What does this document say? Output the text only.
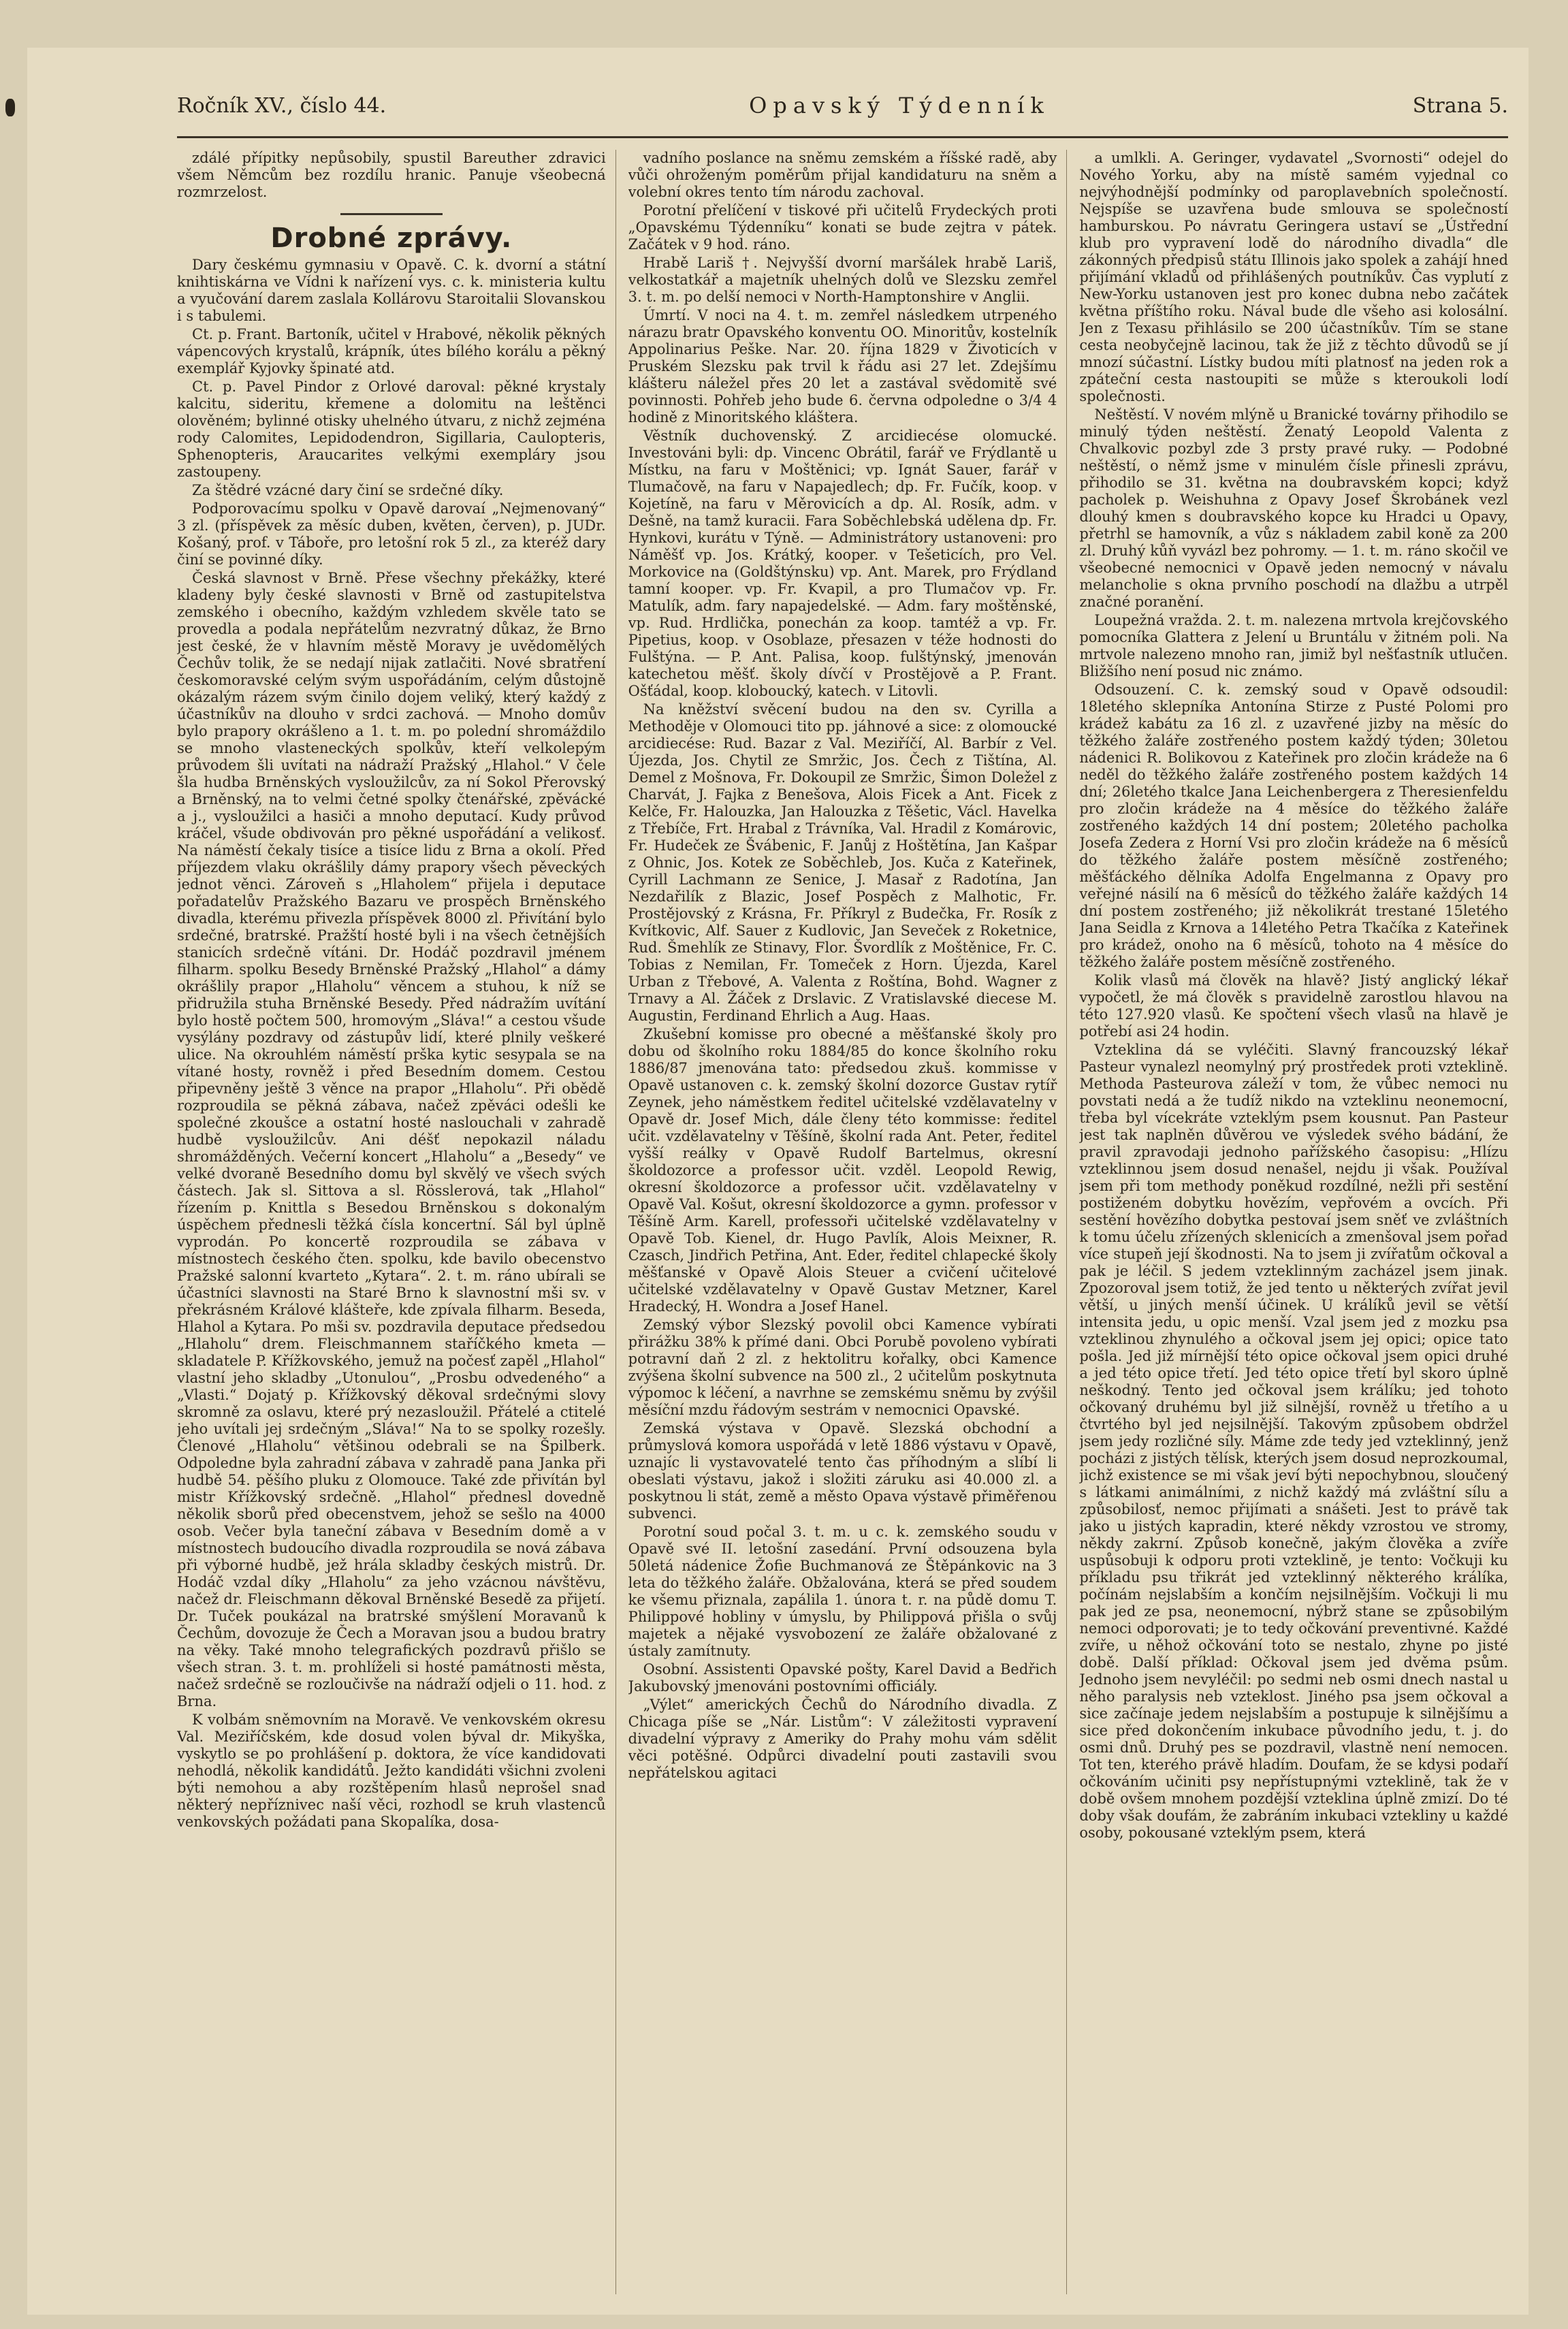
Ročník XV., číslo 44.	Opavský Týdenník	Strana 5.

zdálé přípitky nepůsobily, spustil Bareuther zdravici všem Němcům bez rozdílu hranic. Panuje všeobecná rozmrzelost.

Drobné zprávy.

Dary českému gymnasiu v Opavě. C. k. dvorní a státní knihtiskárna ve Vídni k nařízení vys. c. k. ministeria kultu a vyučování darem zaslala Kollárovu Staroitalii Slovanskou i s tabulemi.

Ct. p. Frant. Bartoník, učitel v Hrabové, několik pěkných vápencových krystalů, krápník, útes bílého korálu a pěkný exemplář Kyjovky špinaté atd.

Ct. p. Pavel Pindor z Orlové daroval: pěkné krystaly kalcitu, sideritu, křemene a dolomitu na leštěnci olověném; bylinné otisky uhelného útvaru, z nichž zejména rody Calomites, Lepidodendron, Sigillaria, Caulopteris, Sphenopteris, Araucarites velkými exempláry jsou zastoupeny.

Za štědré vzácné dary činí se srdečné díky.

Podporovacímu spolku v Opavě darovaí „Nejmenovaný“ 3 zl. (příspěvek za měsíc duben, květen, červen), p. JUDr. Košaný, prof. v Táboře, pro letošní rok 5 zl., za kteréž dary činí se povinné díky.

Česká slavnost v Brně. Přese všechny překážky, které kladeny byly české slavnosti v Brně od zastupitelstva zemského i obecního, každým vzhledem skvěle tato se provedla a podala nepřátelům nezvratný důkaz, že Brno jest české, že v hlavním městě Moravy je uvědomělých Čechův tolik, že se nedají nijak zatlačiti. Nové sbratření českomoravské celým svým uspořádáním, celým důstojně okázalým rázem svým činilo dojem veliký, který každý z účastníkův na dlouho v srdci zachová. — Mnoho domův bylo prapory okrášleno a 1. t. m. po polední shromáždilo se mnoho vlasteneckých spolkův, kteří velkolepým průvodem šli uvítati na nádraží Pražský „Hlahol.“ V čele šla hudba Brněnských vysloužilcův, za ní Sokol Přerovský a Brněnský, na to velmi četné spolky čtenářské, zpěvácké a j., vysloužilci a hasiči a mnoho deputací. Kudy průvod kráčel, všude obdivován pro pěkné uspořádání a velikosť. Na náměstí čekaly tisíce a tisíce lidu z Brna a okolí. Před příjezdem vlaku okrášlily dámy prapory všech pěveckých jednot věnci. Zároveň s „Hlaholem“ přijela i deputace pořadatelův Pražského Bazaru ve prospěch Brněnského divadla, kterému přivezla příspěvek 8000 zl. Přivítání bylo srdečné, bratrské. Pražští hosté byli i na všech četnějších stanicích srdečně vítáni. Dr. Hodáč pozdravil jménem filharm. spolku Besedy Brněnské Pražský „Hlahol“ a dámy okrášlily prapor „Hlaholu“ věncem a stuhou, k níž se přidružila stuha Brněnské Besedy. Před nádražím uvítání bylo hostě počtem 500, hromovým „Sláva!“ a cestou všude vysýlány pozdravy od zástupův lidí, které plnily veškeré ulice. Na okrouhlém náměstí prška kytic sesypala se na vítané hosty, rovněž i před Besedním domem. Cestou připevněny ještě 3 věnce na prapor „Hlaholu“. Při obědě rozproudila se pěkná zábava, načež zpěváci odešli ke společné zkoušce a ostatní hosté naslouchali v zahradě hudbě vysloužilcův. Ani déšť nepokazil náladu shromážděných. Večerní koncert „Hlaholu“ a „Besedy“ ve velké dvoraně Besedního domu byl skvělý ve všech svých částech. Jak sl. Sittova a sl. Rösslerová, tak „Hlahol“ řízením p. Knittla s Besedou Brněnskou s dokonalým úspěchem přednesli těžká čísla koncertní. Sál byl úplně vyprodán. Po koncertě rozproudila se zábava v místnostech českého čten. spolku, kde bavilo obecenstvo Pražské salonní kvarteto „Kytara“. 2. t. m. ráno ubírali se účastníci slavnosti na Staré Brno k slavnostní mši sv. v překrásném Králové klášteře, kde zpívala filharm. Beseda, Hlahol a Kytara. Po mši sv. pozdravila deputace předsedou „Hlaholu“ drem. Fleischmannem staříčkého kmeta — skladatele P. Křížkovského, jemuž na počesť zapěl „Hlahol“ vlastní jeho skladby „Utonulou“, „Prosbu odvedeného“ a „Vlasti.“ Dojatý p. Křížkovský děkoval srdečnými slovy skromně za oslavu, které prý nezasloužil. Přátelé a ctitelé jeho uvítali jej srdečným „Sláva!“ Na to se spolky rozešly. Členové „Hlaholu“ většinou odebrali se na Špilberk. Odpoledne byla zahradní zábava v zahradě pana Janka při hudbě 54. pěšího pluku z Olomouce. Také zde přivítán byl mistr Křížkovský srdečně. „Hlahol“ přednesl dovedně několik sborů před obecenstvem, jehož se sešlo na 4000 osob. Večer byla taneční zábava v Besedním domě a v místnostech budoucího divadla rozproudila se nová zábava při výborné hudbě, jež hrála skladby českých mistrů. Dr. Hodáč vzdal díky „Hlaholu“ za jeho vzácnou návštěvu, načež dr. Fleischmann děkoval Brněnské Besedě za přijetí. Dr. Tuček poukázal na bratrské smýšlení Moravanů k Čechům, dovozuje že Čech a Moravan jsou a budou bratry na věky. Také mnoho telegrafických pozdravů přišlo se všech stran. 3. t. m. prohlíželi si hosté památnosti města, načež srdečně se rozloučivše na nádraží odjeli o 11. hod. z Brna.

K volbám sněmovním na Moravě. Ve venkovském okresu Val. Meziříčském, kde dosud volen býval dr. Mikyška, vyskytlo se po prohlášení p. doktora, že více kandidovati nehodlá, několik kandidátů. Ježto kandidáti všichni zvoleni býti nemohou a aby rozštěpením hlasů neprošel snad některý nepřízniveс naší věci, rozhodl se kruh vlastenců venkovských požádati pana Skopalíka, dosa-

vadního poslance na sněmu zemském a říšské radě, aby vůči ohroženým poměrům přijal kandidaturu na sněm a volební okres tento tím národu zachoval.

Porotní přelíčení v tiskové při učitelů Frydeckých proti „Opavskému Týdenníku“ konati se bude zejtra v pátek. Začátek v 9 hod. ráno.

Hrabě Lariš †. Nejvyšší dvorní maršálek hrabě Lariš, velkostatkář a majetník uhelných dolů ve Slezsku zemřel 3. t. m. po delší nemoci v North-Hamptonshire v Anglii.

Úmrtí. V noci na 4. t. m. zemřel následkem utrpeného nárazu bratr Opavského konventu OO. Minoritův, kostelník Appolinarius Peške. Nar. 20. října 1829 v Životicích v Pruském Slezsku pak trvil k řádu asi 27 let. Zdejšímu klášteru náležel přes 20 let a zastával svědomitě své povinnosti. Pohřeb jeho bude 6. června odpoledne o 3/4 4 hodině z Minoritského kláštera.

Věstník duchovenský. Z arcidiecése olomucké. Investováni byli: dp. Vincenc Obrátil, farář ve Frýdlantě u Místku, na faru v Moštěnici; vp. Ignát Sauer, farář v Tlumačově, na faru v Napajedlech; dp. Fr. Fučík, koop. v Kojetíně, na faru v Měrovicích a dp. Al. Rosík, adm. v Dešně, na tamž kuracii. Fara Soběchlebská udělena dp. Fr. Hynkovi, kurátu v Týně. — Administrátory ustanoveni: pro Náměšť vp. Jos. Krátký, kooper. v Tešeticích, pro Vel. Morkovice na (Goldštýnsku) vp. Ant. Marek, pro Frýdland tamní kooper. vp. Fr. Kvapil, a pro Tlumačov vp. Fr. Matulík, adm. fary napajedelské. — Adm. fary moštěnské, vp. Rud. Hrdlička, ponechán za koop. tamtéž a vp. Fr. Pipetius, koop. v Osoblaze, přesazen v téže hodnosti do Fulštýna. — P. Ant. Palisa, koop. fulštýnský, jmenován katechetou měšť. školy dívčí v Prostějově a P. Frant. Ošťádal, koop. kloboucký, katech. v Litovli.

Na kněžství svěcení budou na den sv. Cyrilla a Methoděje v Olomouci tito pp. jáhnové a sice: z olomoucké arcidiecése: Rud. Bazar z Val. Meziříčí, Al. Barbír z Vel. Újezda, Jos. Chytil ze Smržic, Jos. Čech z Tištína, Al. Demel z Mošnova, Fr. Dokoupil ze Smržic, Šimon Doležel z Charvát, J. Fajka z Benešova, Alois Ficek a Ant. Ficek z Kelče, Fr. Halouzka, Jan Halouzka z Těšetic, Václ. Havelka z Třebíče, Frt. Hrabal z Trávníka, Val. Hradil z Komárovic, Fr. Hudeček ze Švábenic, F. Janůj z Hoštětína, Jan Kašpar z Ohnic, Jos. Kotek ze Soběchleb, Jos. Kuča z Kateřinek, Cyrill Lachmann ze Senice, J. Masař z Radotína, Jan Nezdařilík z Blazic, Josef Pospěch z Malhotic, Fr. Prostějovský z Krásna, Fr. Příkryl z Budečka, Fr. Rosík z Kvítkovic, Alf. Sauer z Kudlovic, Jan Seveček z Roketnice, Rud. Šmehlík ze Stinavy, Flor. Švordlík z Moštěnice, Fr. C. Tobias z Nemilan, Fr. Tomeček z Horn. Újezda, Karel Urban z Třebové, A. Valenta z Roštína, Bohd. Wagner z Trnavy a Al. Žáček z Drslavic. Z Vratislavské diecese M. Augustin, Ferdinand Ehrlich a Aug. Haas.

Zkušební komisse pro obecné a měšťanské školy pro dobu od školního roku 1884/85 do konce školního roku 1886/87 jmenována tato: předsedou zkuš. kommisse v Opavě ustanoven c. k. zemský školní dozorce Gustav rytíř Zeynek, jeho náměstkem ředitel učitelské vzdělavatelny v Opavě dr. Josef Mich, dále členy této kommisse: ředitel učit. vzdělavatelny v Těšíně, školní rada Ant. Peter, ředitel vyšší reálky v Opavě Rudolf Bartelmus, okresní školdozorce a professor učit. vzděl. Leopold Rewig, okresní školdozorce a professor učit. vzdělavatelny v Opavě Val. Košut, okresní školdozorce a gymn. professor v Těšíně Arm. Karell, professoři učitelské vzdělavatelny v Opavě Tob. Kienel, dr. Hugo Pavlík, Alois Meixner, R. Czasch, Jindřich Petřina, Ant. Eder, ředitel chlapecké školy měšťanské v Opavě Alois Steuer a cvičení učitelové učitelské vzdělavatelny v Opavě Gustav Metzner, Karel Hradecký, H. Wondra a Josef Hanel.

Zemský výbor Slezský povolil obci Kamence vybírati přirážku 38% k přímé dani. Obci Porubě povoleno vybírati potravní daň 2 zl. z hektolitru kořalky, obci Kamence zvýšena školní subvence na 500 zl., 2 učitelům poskytnuta výpomoc k léčení, a navrhne se zemskému sněmu by zvýšil měsíční mzdu řádovým sestrám v nemocnici Opavské.

Zemská výstava v Opavě. Slezská obchodní a průmyslová komora uspořádá v letě 1886 výstavu v Opavě, uznajíc li vystavovatelé tento čas příhodným a slíbí li obeslati výstavu, jakož i složiti záruku asi 40.000 zl. a poskytnou li stát, země a město Opava výstavě přiměřenou subvenci.

Porotní soud počal 3. t. m. u c. k. zemského soudu v Opavě své II. letošní zasedání. První odsouzena byla 50letá nádenice Žofie Buchmanová ze Štěpánkovic na 3 leta do těžkého žaláře. Obžalována, která se před soudem ke všemu přiznala, zapálila 1. února t. r. na půdě domu T. Philippové hobliny v úmyslu, by Philippová přišla o svůj majetek a nějaké vysvobození ze žaláře obžalované z ústaly zamítnuty.

Osobní. Assistenti Opavské pošty, Karel David a Bedřich Jakubovský jmenováni postovními officiály.

„Výlet“ amerických Čechů do Národního divadla. Z Chicaga píše se „Nár. Listům“: V záležitosti vypravení divadelní výpravy z Ameriky do Prahy mohu vám sdělit věci potěšné. Odpůrci divadelní pouti zastavili svou nepřátelskou agitaci

a umlkli. A. Geringer, vydavatel „Svornosti“ odejel do Nového Yorku, aby na místě samém vyjednal co nejvýhodnější podmínky od paroplavebních společností. Nejspíše se uzavřena bude smlouva se společností hamburskou. Po návratu Geringera ustaví se „Ústřední klub pro vypravení lodě do národního divadla“ dle zákonných předpisů státu Illinois jako spolek a zahájí hned přijímání vkladů od přihlášených poutníkův. Čas vyplutí z New-Yorku ustanoven jest pro konec dubna nebo začátek května příštího roku. Nával bude dle všeho asi kolosální. Jen z Texasu přihlásilo se 200 účastníkův. Tím se stane cesta neobyčejně lacinou, tak že již z těchto důvodů se jí mnozí súčastní. Lístky budou míti platnosť na jeden rok a zpáteční cesta nastoupiti se může s kteroukoli lodí společnosti.

Neštěstí. V novém mlýně u Branické továrny přihodilo se minulý týden neštěstí. Ženatý Leopold Valenta z Chvalkovic pozbyl zde 3 prsty pravé ruky. — Podobné neštěstí, o němž jsme v minulém čísle přinesli zprávu, přihodilo se 31. května na doubravském kopci; když pacholek p. Weishuhna z Opavy Josef Škrobánek vezl dlouhý kmen s doubravského kopce ku Hradci u Opavy, přetrhl se hamovník, a vůz s nákladem zabil koně za 200 zl. Druhý kůň vyvázl bez pohromy. — 1. t. m. ráno skočil ve všeobecné nemocnici v Opavě jeden nemocný v návalu melancholie s okna prvního poschodí na dlažbu a utrpěl značné poranění.

Loupežná vražda. 2. t. m. nalezena mrtvola krejčovského pomocníka Glattera z Jelení u Bruntálu v žitném poli. Na mrtvole nalezeno mnoho ran, jimiž byl nešťastník utlučen. Bližšího není posud nic známo.

Odsouzení. C. k. zemský soud v Opavě odsoudil: 18letého sklepníka Antonína Stirze z Pusté Polomi pro krádež kabátu za 16 zl. z uzavřené jizby na měsíc do těžkého žaláře zostřeného postem každý týden; 30letou nádenici R. Bolikovou z Kateřinek pro zločin krádeže na 6 neděl do těžkého žaláře zostřeného postem každých 14 dní; 26letého tkalce Jana Leichenbergera z Theresienfeldu pro zločin krádeže na 4 měsíce do těžkého žaláře zostřeného každých 14 dní postem; 20letého pacholka Josefa Zedera z Horní Vsi pro zločin krádeže na 6 měsíců do těžkého žaláře postem měsíčně zostřeného; měšťáckého dělníka Adolfa Engelmanna z Opavy pro veřejné násilí na 6 měsíců do těžkého žaláře každých 14 dní postem zostřeného; již několikrát trestané 15letého Jana Seidla z Krnova a 14letého Petra Tkačíka z Kateřinek pro krádež, onoho na 6 měsíců, tohoto na 4 měsíce do těžkého žaláře postem měsíčně zostřeného.

Kolik vlasů má člověk na hlavě? Jistý anglický lékař vypočetl, že má člověk s pravidelně zarostlou hlavou na této 127.920 vlasů. Ke spočtení všech vlasů na hlavě je potřebí asi 24 hodin.

Vzteklina dá se vyléčiti. Slavný francouzský lékař Pasteur vynalezl neomylný prý prostředek proti vzteklině. Methoda Pasteurova záleží v tom, že vůbec nemoci nu povstati nedá a že tudíž nikdo na vzteklinu neonemocní, třeba byl vícekráte vzteklým psem kousnut. Pan Pasteur jest tak naplněn důvěrou ve výsledek svého bádání, že pravil zpravodaji jednoho pařížského časopisu: „Hlízu vzteklinnou jsem dosud nenašel, nejdu ji však. Používal jsem při tom methody poněkud rozdílné, nežli při sestění postiženém dobytku hovězím, vepřovém a ovcích. Při sestění hovězího dobytka pestovaí jsem sněť ve zvláštních k tomu účelu zřízených sklenicích a zmenšoval jsem pořad více stupeň její škodnosti. Na to jsem ji zvířatům očkoval a pak je léčil. S jedem vzteklinným zacházel jsem jinak. Zpozoroval jsem totiž, že jed tento u některých zvířat jevil větší, u jiných menší účinek. U králíků jevil se větší intensita jedu, u opic menší. Vzal jsem jed z mozku psa vzteklinou zhynulého a očkoval jsem jej opici; opice tato pošla. Jed již mírnější této opice očkoval jsem opici druhé a jed této opice třetí. Jed této opice třetí byl skoro úplně neškodný. Tento jed očkoval jsem králíku; jed tohoto očkovaný druhému byl již silnější, rovněž u třetího a u čtvrtého byl jed nejsilnější. Takovým způsobem obdržel jsem jedy rozličné síly. Máme zde tedy jed vzteklinný, jenž pocházi z jistých tělísk, kterých jsem dosud neprozkoumal, jichž existence se mi však jeví býti nepochybnou, sloučený s látkami animálními, z nichž každý má zvláštní sílu a způsobilosť, nemoc přijímati a snášeti. Jest to právě tak jako u jistých kapradin, které někdy vzrostou ve stromy, někdy zakrní. Způsob konečně, jakým člověka a zvíře uspůsobuji k odporu proti vzteklině, je tento: Vočkuji ku příkladu psu třikrát jed vzteklinný některého králíka, počínám nejslabším a končím nejsilnějším. Vočkuji li mu pak jed ze psa, neonemocní, nýbrž stane se způsobilým nemoci odporovati; je to tedy očkování preventivné. Každé zvíře, u něhož očkování toto se nestalo, zhyne po jisté době. Další příklad: Očkoval jsem jed dvěma psům. Jednoho jsem nevyléčil: po sedmi neb osmi dnech nastal u něho paralysis neb vzteklost. Jiného psa jsem očkoval a sice začínaje jedem nejslabším a postupuje k silnějšímu a sice před dokončením inkubace původního jedu, t. j. do osmi dnů. Druhý pes se pozdravil, vlastně není nemocen. Tot ten, kterého právě hladím. Doufam, že se kdysi podaří očkováním učiniti psy nepřístupnými vzteklině, tak že v době ovšem mnohem pozdější vzteklina úplně zmizí. Do té doby však doufám, že zabráním inkubaci vztekliny u každé osoby, pokousané vzteklým psem, která
